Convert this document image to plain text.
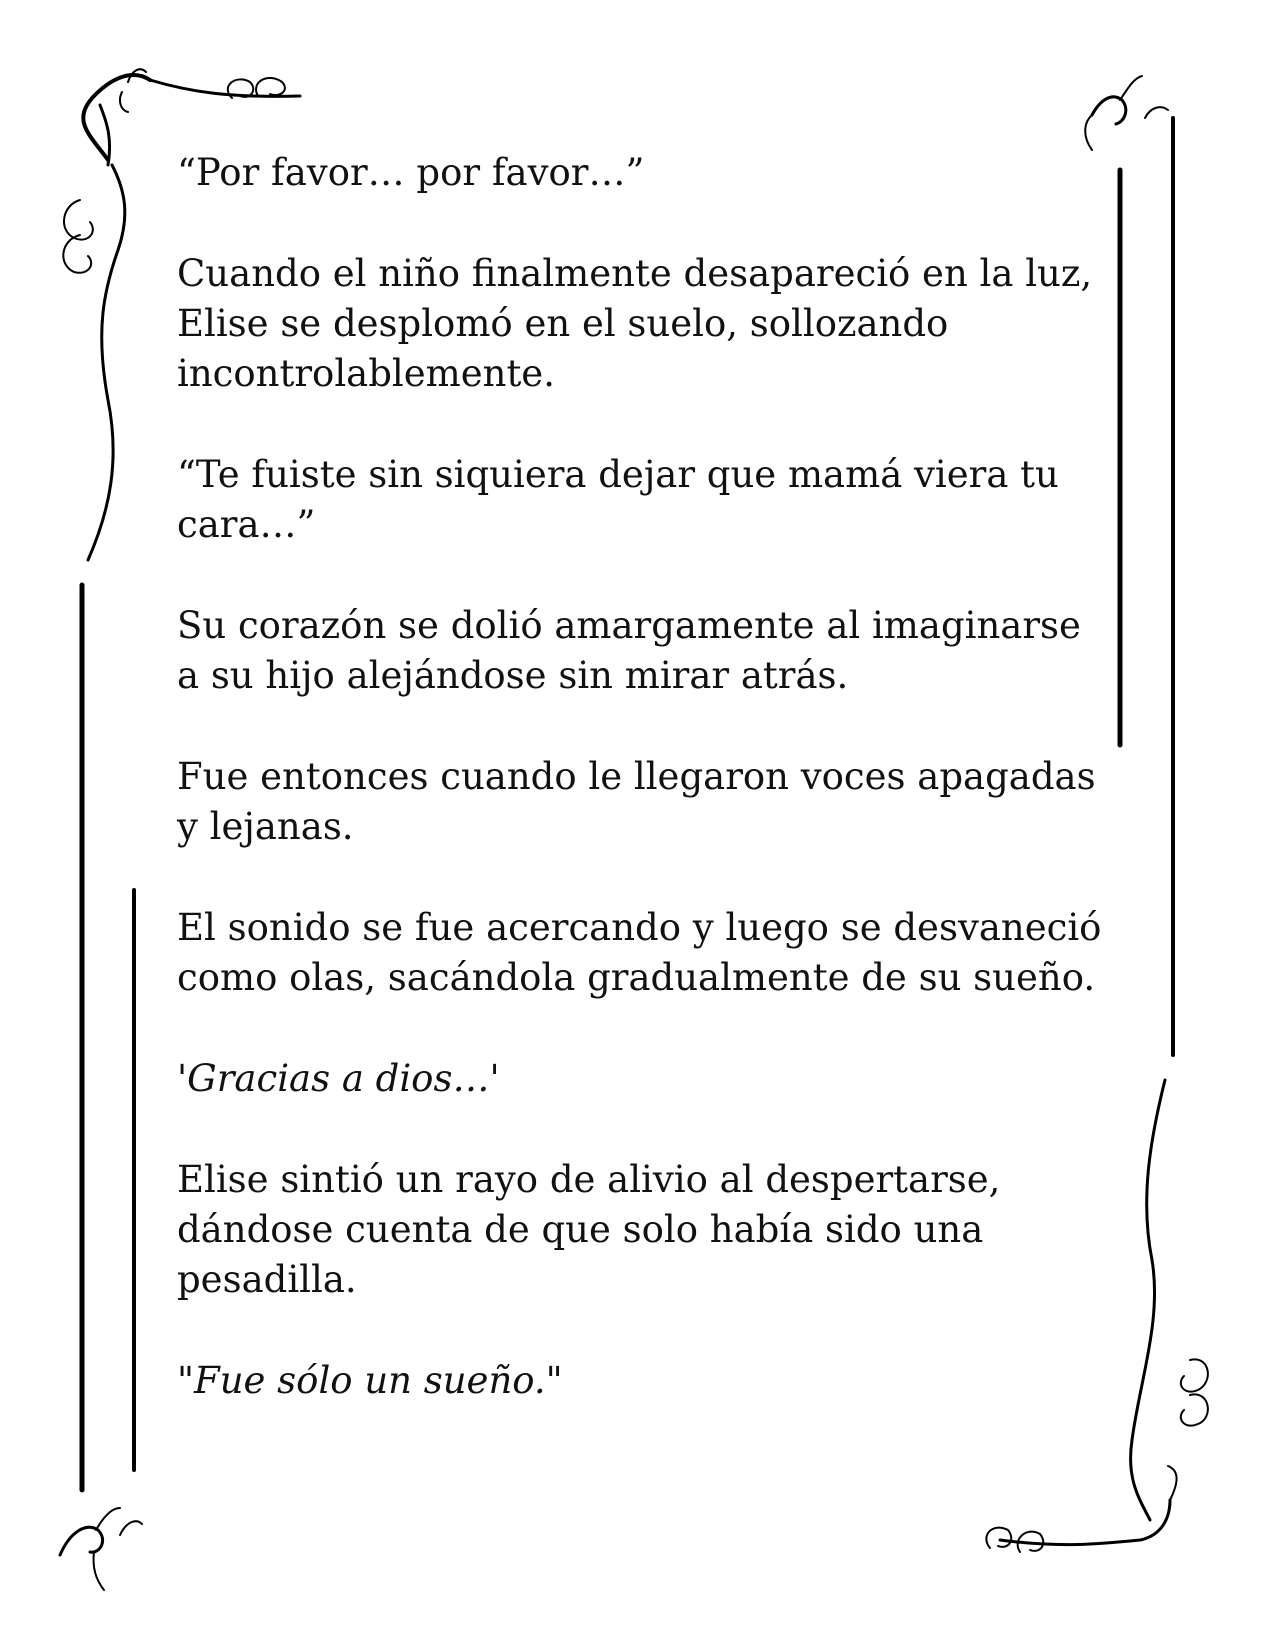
“Por favor… por favor…”

Cuando el niño finalmente desapareció en la luz, Elise se desplomó en el suelo, sollozando incontrolablemente.

“Te fuiste sin siquiera dejar que mamá viera tu cara…”

Su corazón se dolió amargamente al imaginarse a su hijo alejándose sin mirar atrás.

Fue entonces cuando le llegaron voces apagadas y lejanas.

El sonido se fue acercando y luego se desvaneció como olas, sacándola gradualmente de su sueño.

'Gracias a dios…'

Elise sintió un rayo de alivio al despertarse, dándose cuenta de que solo había sido una pesadilla.

"Fue sólo un sueño."
